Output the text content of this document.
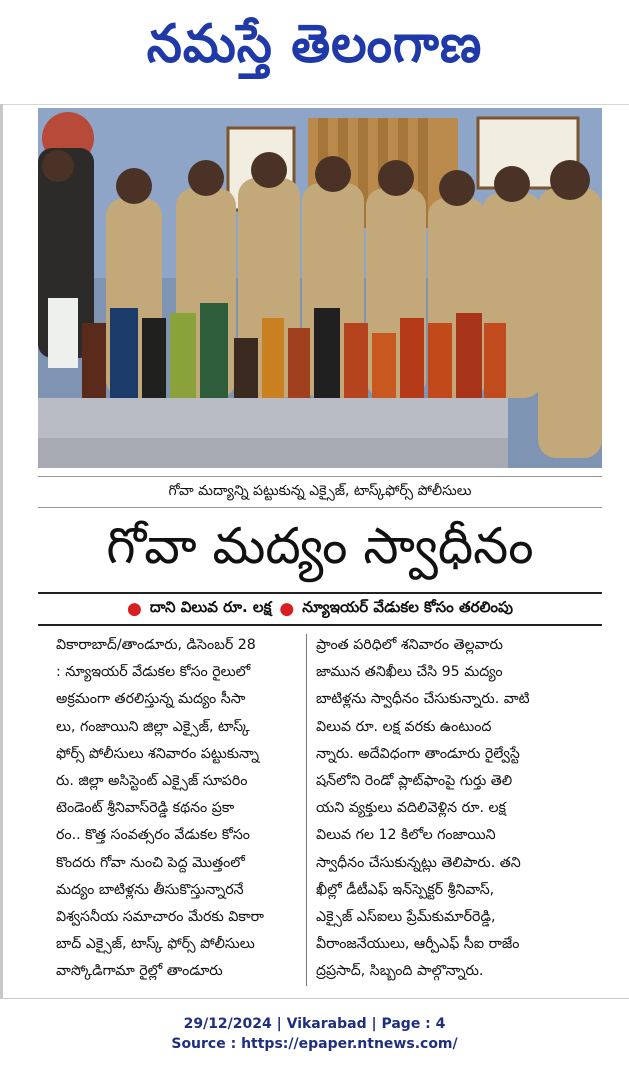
నమస్తే తెలంగాణ
గోవా మద్యాన్ని పట్టుకున్న ఎక్సైజ్, టాస్క్‌ఫోర్స్ పోలీసులు
గోవా మద్యం స్వాధీనం
● దాని విలువ రూ. లక్ష ● న్యూఇయర్ వేడుకల కోసం తరలింపు

వికారాబాద్/తాండూరు, డిసెంబర్ 28

: న్యూఇయర్ వేడుకల కోసం రైలులో

అక్రమంగా తరలిస్తున్న మద్యం సీసా

లు, గంజాయిని జిల్లా ఎక్సైజ్, టాస్క్

ఫోర్స్ పోలీసులు శనివారం పట్టుకున్నా

రు. జిల్లా అసిస్టెంట్ ఎక్సైజ్ సూపరిం

టెండెంట్ శ్రీనివాస్‌రెడ్డి కథనం ప్రకా

రం.. కొత్త సంవత్సరం వేడుకల కోసం

కొందరు గోవా నుంచి పెద్ద మొత్తంలో

మద్యం బాటిళ్లను తీసుకొస్తున్నారనే

విశ్వసనీయ సమాచారం మేరకు వికారా

బాద్ ఎక్సైజ్, టాస్క్ ఫోర్స్ పోలీసులు

వాస్కోడిగామా రైల్లో తాండూరు

ప్రాంత పరిధిలో శనివారం తెల్లవారు

జామున తనిఖీలు చేసి 95 మద్యం

బాటిళ్లను స్వాధీనం చేసుకున్నారు. వాటి

విలువ రూ. లక్ష వరకు ఉంటుంద

న్నారు. అదేవిధంగా తాండూరు రైల్వేస్టే

షన్‌లోని రెండో ప్లాట్‌ఫాంపై గుర్తు తెలి

యని వ్యక్తులు వదిలివెళ్లిన రూ. లక్ష

విలువ గల 12 కిలోల గంజాయిని

స్వాధీనం చేసుకున్నట్లు తెలిపారు. తని

ఖీల్లో డీటీఎఫ్ ఇన్‌స్పెక్టర్ శ్రీనివాస్,

ఎక్సైజ్ ఎస్‌ఐలు ప్రేమ్‌కుమార్‌రెడ్డి,

వీరాంజనేయులు, ఆర్పీఎఫ్ సీఐ రాజేం

ద్రప్రసాద్, సిబ్బంది పాల్గొన్నారు.

29/12/2024 | Vikarabad | Page : 4
Source : https://epaper.ntnews.com/
